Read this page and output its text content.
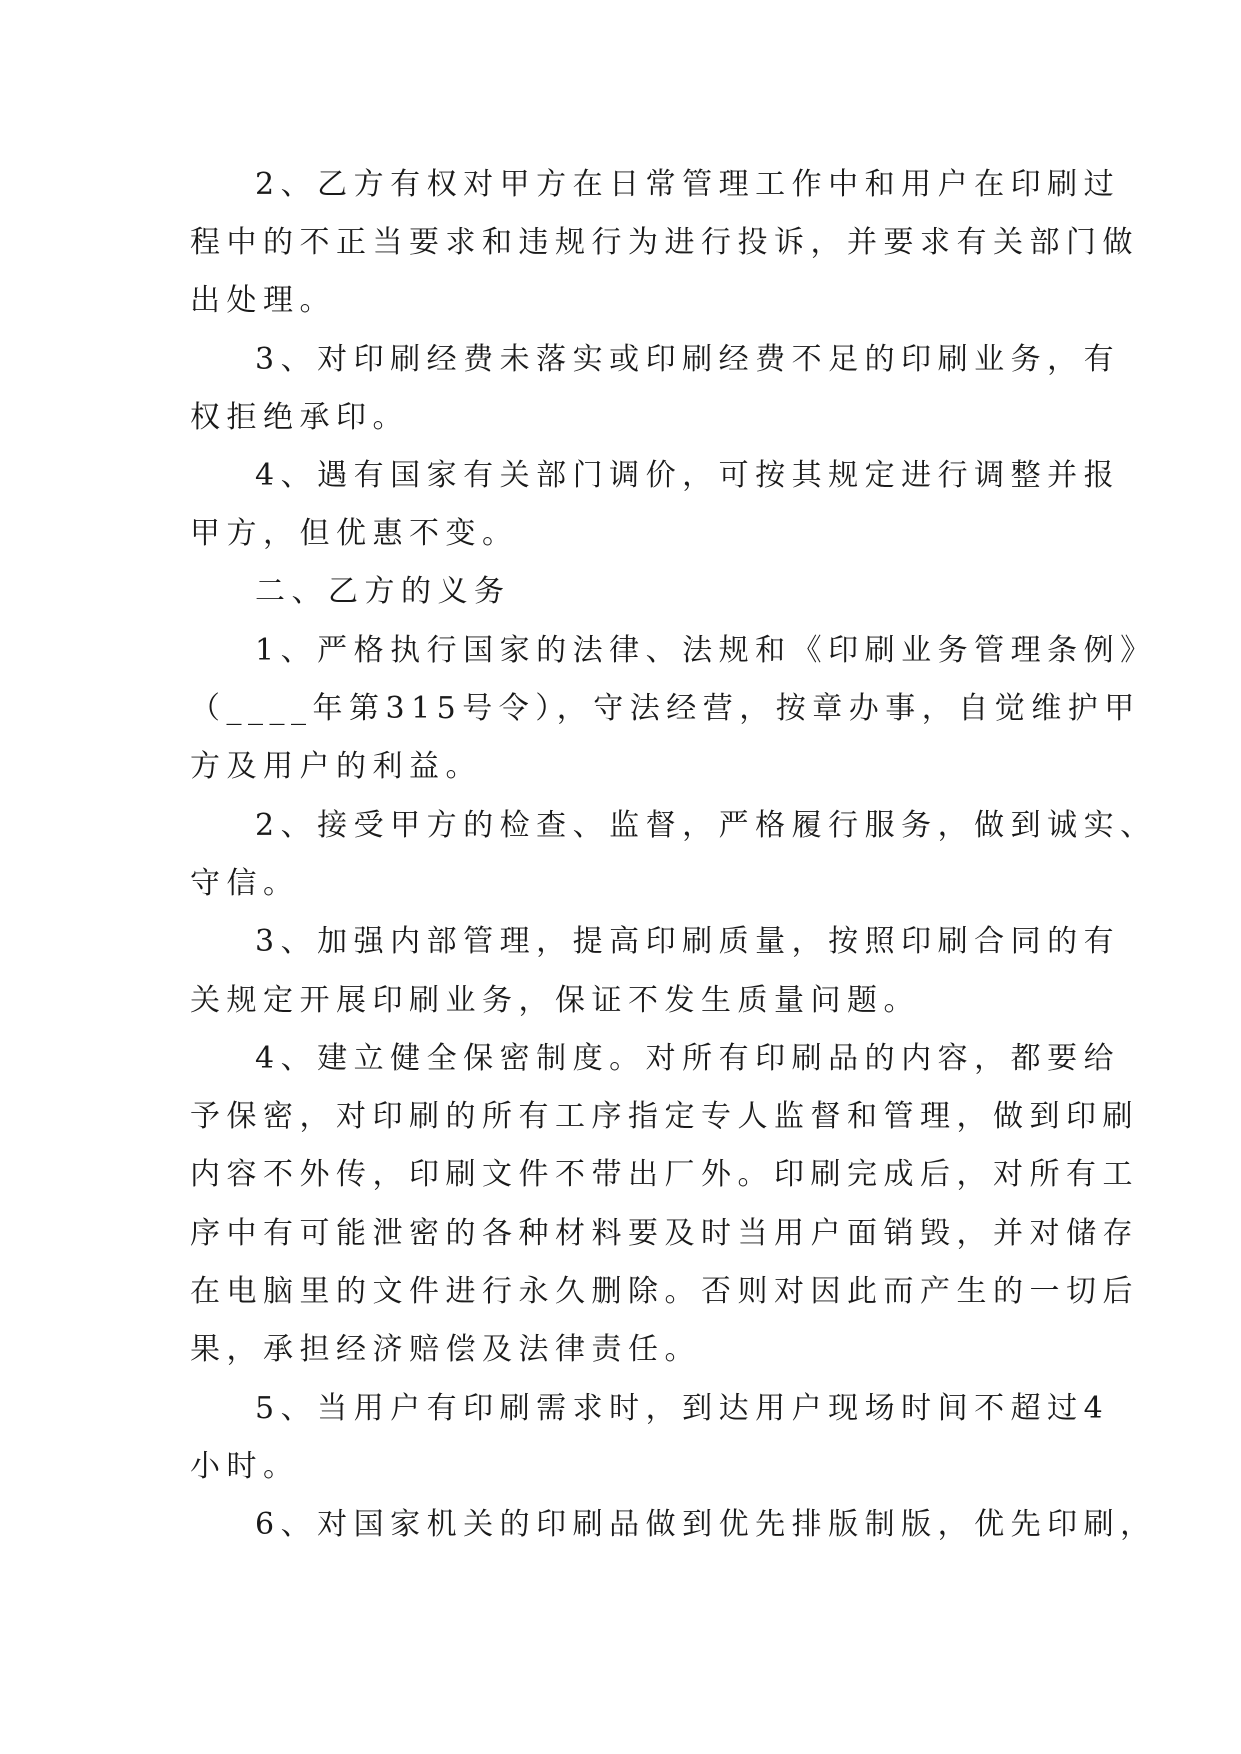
2、乙方有权对甲方在日常管理工作中和用户在印刷过
程中的不正当要求和违规行为进行投诉，并要求有关部门做
出处理。
3、对印刷经费未落实或印刷经费不足的印刷业务，有
权拒绝承印。
4、遇有国家有关部门调价，可按其规定进行调整并报
甲方，但优惠不变。
二、乙方的义务
1、严格执行国家的法律、法规和《印刷业务管理条例》
（____年第315号令），守法经营，按章办事，自觉维护甲
方及用户的利益。
2、接受甲方的检查、监督，严格履行服务，做到诚实、
守信。
3、加强内部管理，提高印刷质量，按照印刷合同的有
关规定开展印刷业务，保证不发生质量问题。
4、建立健全保密制度。对所有印刷品的内容，都要给
予保密，对印刷的所有工序指定专人监督和管理，做到印刷
内容不外传，印刷文件不带出厂外。印刷完成后，对所有工
序中有可能泄密的各种材料要及时当用户面销毁，并对储存
在电脑里的文件进行永久删除。否则对因此而产生的一切后
果，承担经济赔偿及法律责任。
5、当用户有印刷需求时，到达用户现场时间不超过4
小时。
6、对国家机关的印刷品做到优先排版制版，优先印刷，
